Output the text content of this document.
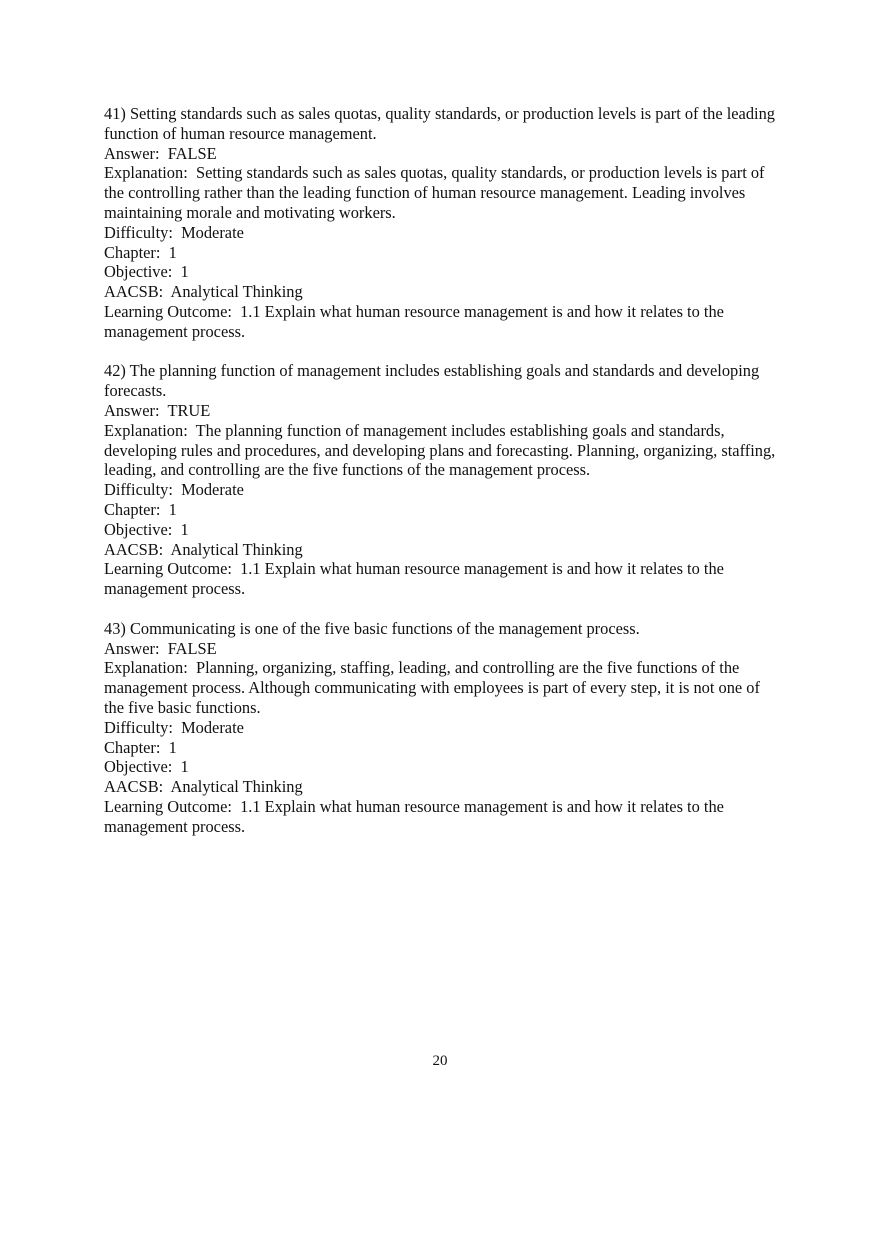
41) Setting standards such as sales quotas, quality standards, or production levels is part of the leading function of human resource management.
Answer:  FALSE
Explanation:  Setting standards such as sales quotas, quality standards, or production levels is part of the controlling rather than the leading function of human resource management. Leading involves maintaining morale and motivating workers.
Difficulty:  Moderate
Chapter:  1
Objective:  1
AACSB:  Analytical Thinking
Learning Outcome:  1.1 Explain what human resource management is and how it relates to the management process.
42) The planning function of management includes establishing goals and standards and developing forecasts.
Answer:  TRUE
Explanation:  The planning function of management includes establishing goals and standards, developing rules and procedures, and developing plans and forecasting. Planning, organizing, staffing, leading, and controlling are the five functions of the management process.
Difficulty:  Moderate
Chapter:  1
Objective:  1
AACSB:  Analytical Thinking
Learning Outcome:  1.1 Explain what human resource management is and how it relates to the management process.
43) Communicating is one of the five basic functions of the management process.
Answer:  FALSE
Explanation:  Planning, organizing, staffing, leading, and controlling are the five functions of the management process. Although communicating with employees is part of every step, it is not one of the five basic functions.
Difficulty:  Moderate
Chapter:  1
Objective:  1
AACSB:  Analytical Thinking
Learning Outcome:  1.1 Explain what human resource management is and how it relates to the management process.
20
